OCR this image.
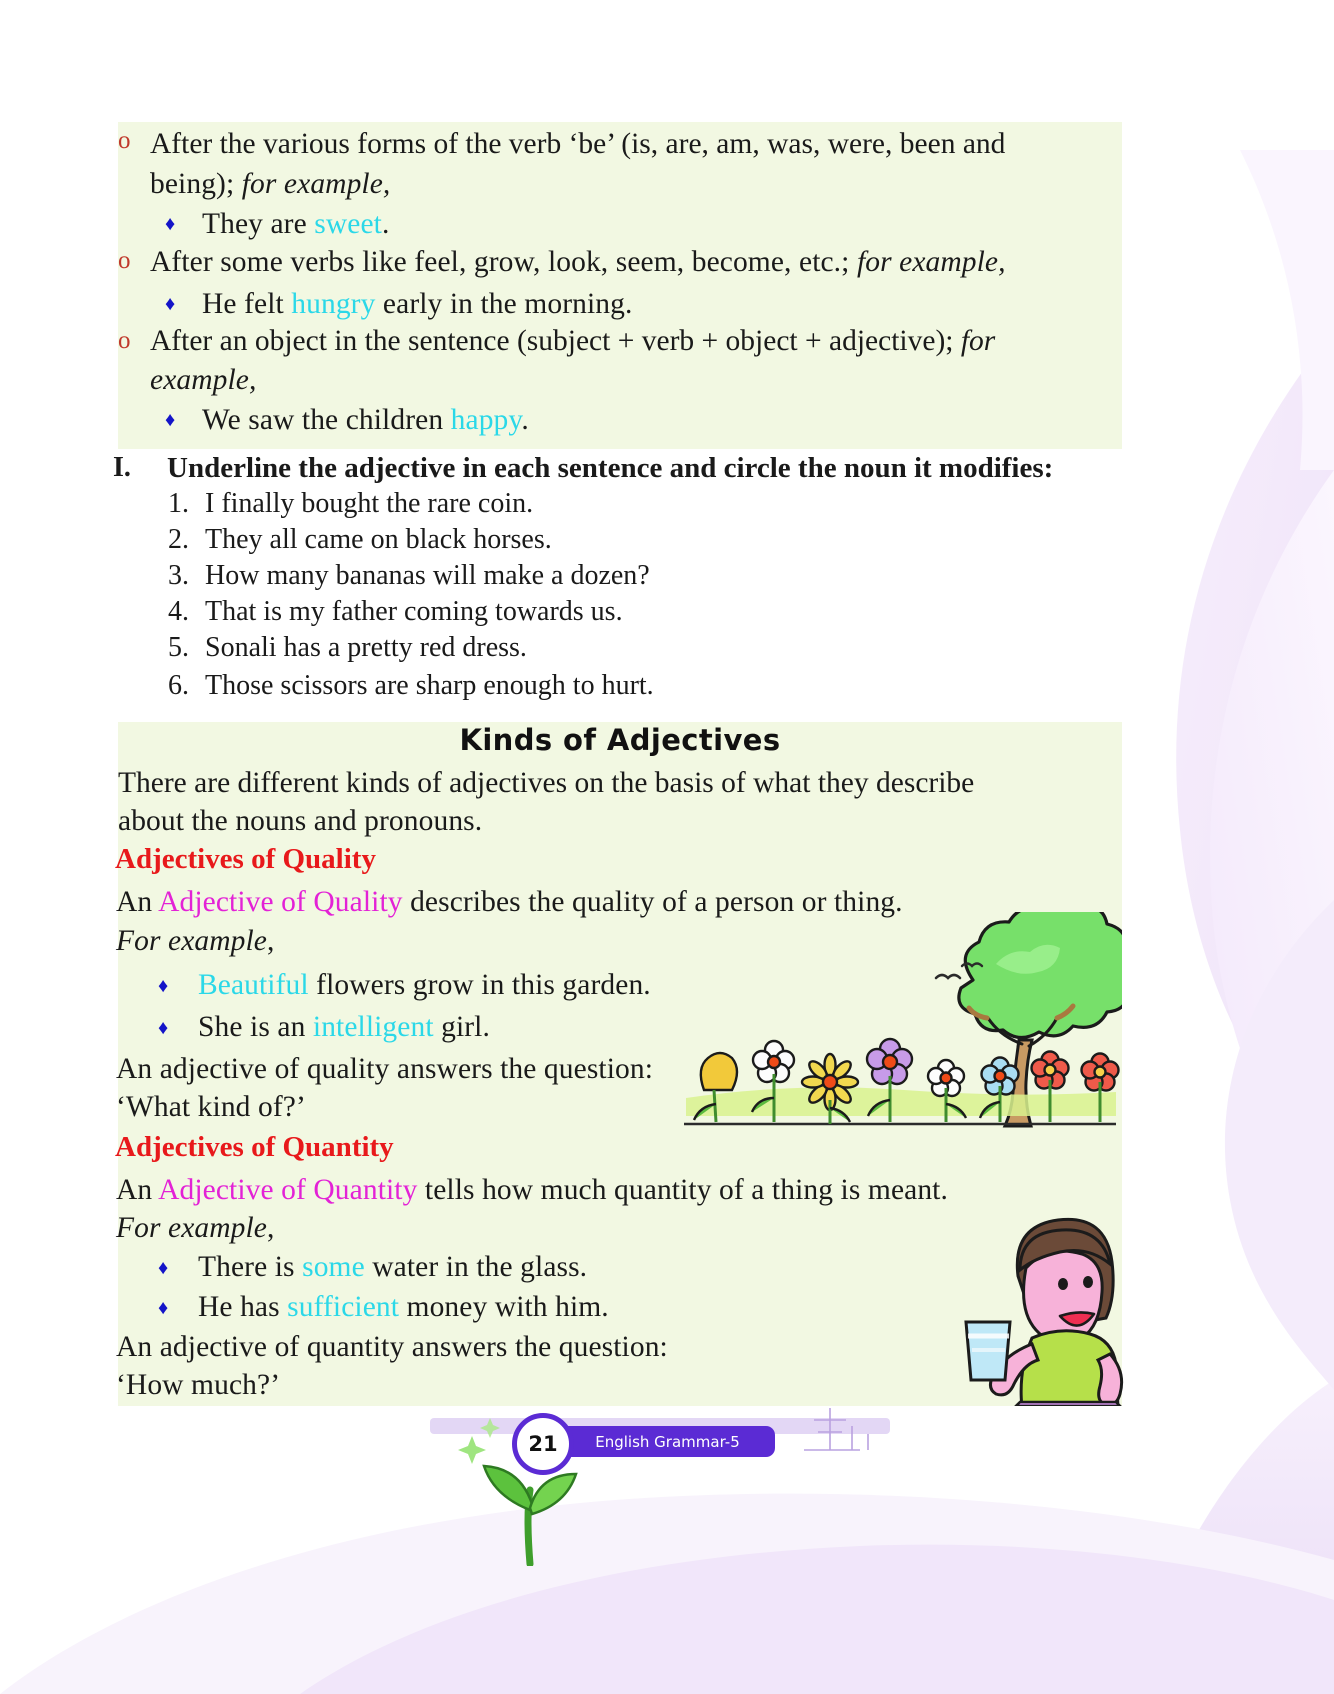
o After the various forms of the verb ‘be’ (is, are, am, was, were, been and
being); for example,
♦ They are sweet.
o After some verbs like feel, grow, look, seem, become, etc.; for example,
♦ He felt hungry early in the morning.
o After an object in the sentence (subject + verb + object + adjective); for
example,
♦ We saw the children happy.
I. Underline the adjective in each sentence and circle the noun it modifies:
1. I finally bought the rare coin.
2. They all came on black horses.
3. How many bananas will make a dozen?
4. That is my father coming towards us.
5. Sonali has a pretty red dress.
6. Those scissors are sharp enough to hurt.
Kinds of Adjectives
There are different kinds of adjectives on the basis of what they describe
about the nouns and pronouns.
Adjectives of Quality
An Adjective of Quality describes the quality of a person or thing.
For example,
♦ Beautiful flowers grow in this garden.
♦ She is an intelligent girl.
An adjective of quality answers the question:
‘What kind of?’
Adjectives of Quantity
An Adjective of Quantity tells how much quantity of a thing is meant.
For example,
♦ There is some water in the glass.
♦ He has sufficient money with him.
An adjective of quantity answers the question:
‘How much?’
English Grammar-5
21
